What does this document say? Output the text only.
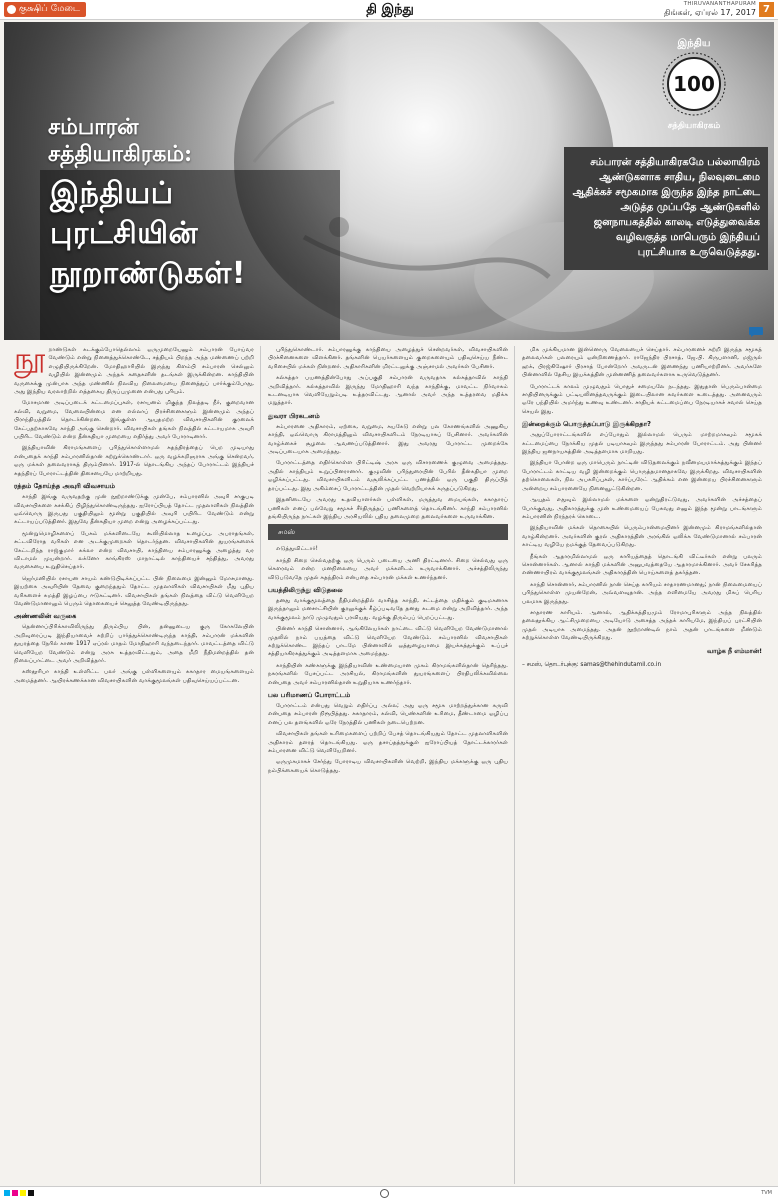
குக்ஷிப் மேடை	தி இந்து	THIRUVANANTHAPURAM
திங்கள், ஏப்ரல் 17, 2017 7
சம்பாரன்
சத்தியாகிரகம்:
இந்தியப்
புரட்சியின்
நூறாண்டுகள்!
இந்திய
100
சத்தியாகிரகம்

சம்பாரன் சத்தியாகிரகமே பல்லாயிரம் ஆண்டுகளாக சாதிய, நிலவுடைமை ஆதிக்கச் சமூகமாக இருந்த இந்த நாட்டை அடுத்த முப்பதே ஆண்டுகளில் ஜனநாயகத்தில் காலடி எடுத்துவைக்க வழிவகுத்த மாபெரும் இந்தியப் புரட்சியாக உருவெடுத்தது.

நூ றாண்டுகள் கடக்கும்போதெல்லாம் ஒருமுறையேனும் சம்பாரன் போய்வர வேண்டும் என்று நினைத்துக்கொண்டே, சத்தியம் பிறந்த அந்த மண்ணைப் பற்றி எழுதியிருக்கிறேன். மோதிஹாரியில் இருந்து கிளம்பி சம்பாரன் செல்லும் வழியில் இன்னமும் அந்தக் கதைகளின் தடங்கள் இருக்கின்றன. காந்தியின் வருகைக்கு முன்பாக அந்த மண்ணில் நிலவிய நிலைமையை நினைத்துப் பார்க்கும்போது, அது இந்திய வரலாற்றில் எத்தகைய திருப்புமுனை என்பது புரியும்.
மோசமான அடிப்படைக் கட்டமைப்புகள், ரசாயனம் மிகுந்த நிலத்தடி நீர், குறைவான கல்வி, வறுமை, வேலையின்மை என எல்லாப் பிரச்சினைகளும் இன்னமும் அந்தப் பிராந்தியத்தில் தொடர்கின்றன. இங்குள்ள ஆயுதமற்ற விவசாயிகளின் குரலைக் கேட்பதற்காகவே காந்தி அங்கு சென்றார். விவசாயிகள் தங்கள் நிலத்தில் கட்டாயமாக அவுரி பயிரிட வேண்டும் என்ற தீன்கதியா முறையை எதிர்த்து அவர் போராடினார்.
இந்தியாவின் கிராமங்களைப் புரிந்துகொள்ளாமல் சுதந்திரத்தைப் பெற முடியாது என்பதைக் காந்தி சம்பாரனில்தான் கற்றுக்கொண்டார். ஒரு வழக்கறிஞராக அங்கு சென்றவர், ஒரு மக்கள் தலைவராகத் திரும்பினார். 1917-ல் தொடங்கிய அந்தப் போராட்டம் இந்தியச் சுதந்திரப் போராட்டத்தின் திசையையே மாற்றியது.
ரத்தம் தோய்ந்த அவுரி விவசாயம்
காந்தி இங்கு வருவதற்கு முன் நூற்றாண்டுக்கு முன்பே, சம்பாரனில் அவுரி சாகுபடி விவசாயிகளை கசக்கிப் பிழிந்துகொண்டிருந்தது. ஐரோப்பியத் தோட்ட முதலாளிகள் நிலத்தின் ஒவ்வொரு இருபது பகுதியிலும் மூன்று பகுதியில் அவுரி பயிரிட வேண்டும் என்று கட்டாயப்படுத்தினர். இதுவே தீன்கதியா முறை என்று அழைக்கப்பட்டது.
மூன்றுமொழிகளைப் பேசும் மக்களிடையே கூலியில்லாத உழைப்பு, அபராதங்கள், சட்டவிரோத வரிகள் என அடக்குமுறைகள் தொடர்ந்தன. விவசாயிகளின் துயரங்களைக் கேட்டறிந்த ராஜ்குமார் சுக்லா என்ற விவசாயி, காந்தியை சம்பாரனுக்கு அழைத்து வர விடாமல் முயன்றார். லக்னோ காங்கிரஸ் மாநாட்டில் காந்தியைச் சந்தித்து, அவரது வருகையை உறுதிசெய்தார்.
ஜெர்மனியில் ரசாயன சாயம் கண்டுபிடிக்கப்பட்ட பின் நிலைமை இன்னும் மோசமானது. இயற்கை அவுரியின் தேவை குறைந்ததும் தோட்ட முதலாளிகள் விவசாயிகள் மீது புதிய வரிகளைச் சுமத்தி இழப்பை ஈடுகட்டினர். விவசாயிகள் தங்கள் நிலத்தை விட்டு வெளியேற வேண்டுமானாலும் பெரும் தொகையைச் செலுத்த வேண்டியிருந்தது.
அண்ணலின் வருகை
தென்னாப்பிரிக்காவிலிருந்து திரும்பிய பின், தன்னுடைய குரு கோகலேயின் அறிவுரைப்படி இந்தியாவைச் சுற்றிப் பார்த்துக்கொண்டிருந்த காந்தி, சம்பாரன் மக்களின் துயரத்தை நேரில் காண 1917 ஏப்ரல் மாதம் மோதிஹாரி வந்தடைந்தார். மாவட்டத்தை விட்டு வெளியேற வேண்டும் என்று அரசு உத்தரவிட்டதும், அதை மீறி நீதிமன்றத்தில் தன் நிலைப்பாட்டை அவர் அறிவித்தார்.
கஸ்தூரிபா காந்தி உள்ளிட்ட பலர் அங்கு பள்ளிகளையும் சுகாதார மையங்களையும் அமைத்தனர். ஆயிரக்கணக்கான விவசாயிகளின் வாக்குமூலங்கள் பதிவுசெய்யப்பட்டன.
புரிந்துகொண்டார். சம்பாரனுக்கு காந்தியை அழைத்துச் சென்றவர்கள், விவசாயிகளின் பிரச்சினைகளை விளக்கினர். தங்களின் பெயர்களையும் குறைகளையும் பதிவுசெய்ய நீண்ட வரிசையில் மக்கள் நின்றனர். அதிகாரிகளின் மிரட்டலுக்கு அஞ்சாமல் அவர்கள் பேசினர்.
கல்கத்தா பயணத்தின்போது அப்பகுதி சம்பாரன் வருவதாக கல்கத்தாவில் காந்தி அறிவித்தார். கல்கத்தாவில் இருந்து மோதிஹாரி வந்த காந்திக்கு, மாவட்ட நிர்வாகம் உடனடியாக வெளியேறும்படி உத்தரவிட்டது. ஆனால் அவர் அந்த உத்தரவை மதிக்க மறுத்தார்.
துவரா பிரகடனம்
சம்பாரனை அதிகாரம், ஏற்கை, வறுமை, சுயகேடு என்று பல கோணங்களில் அணுகிய காந்தி, ஒவ்வொரு கிராமத்திலும் விவசாயிகளிடம் நேரடியாகப் பேசினார். அவர்களின் வாழ்க்கைச் சூழலை ஆவணப்படுத்தினார். இது அவரது போராட்ட முறைக்கே அடிப்படையாக அமைந்தது.
போராட்டத்தை எதிர்கொள்ள பிரிட்டிஷ் அரசு ஒரு விசாரணைக் குழுவை அமைத்தது. அதில் காந்தியும் உறுப்பினரானார். குழுவின் பரிந்துரையின் பேரில் தீன்கதியா முறை ஒழிக்கப்பட்டது. விவசாயிகளிடம் வசூலிக்கப்பட்ட பணத்தில் ஒரு பகுதி திருப்பித் தரப்பட்டது. இது அகிம்சைப் போராட்டத்தின் முதல் வெற்றியாகக் கருதப்படுகிறது.
இதனிடையே அவரது உதவியாளர்கள் பள்ளிகள், மருத்துவ மையங்கள், சுகாதாரப் பணிகள் எனப் பல்வேறு சமூகச் சீர்திருத்தப் பணிகளைத் தொடங்கினர். காந்தி சம்பாரனில் தங்கியிருந்த நாட்கள் இந்திய அரசியலில் புதிய தலைமுறை தலைவர்களை உருவாக்கின.
சமஸ்
எடுத்துவிட்டார்!
காந்தி சிறை செல்வதற்கு ஒரு பெரும் படையை அணி திரட்டினார். சிறை செல்வது ஒரு கௌரவம் என்ற மனநிலையை அவர் மக்களிடம் உருவாக்கினார். அச்சத்திலிருந்து விடுபடுவதே முதல் சுதந்திரம் என்பதை சம்பாரன் மக்கள் உணர்ந்தனர்.
பயத்திலிருந்து விடுதலை
தனது வாக்குமூலத்தை நீதிமன்றத்தில் வாசித்த காந்தி, சட்டத்தை மதிக்கும் குடிமகனாக இருந்தாலும் மனசாட்சியின் குரலுக்குக் கீழ்ப்படிவதே தனது கடமை என்று அறிவித்தார். அந்த வாக்குமூலம் நாடு முழுவதும் பரவியது. வழக்கு திரும்பப் பெறப்பட்டது.
பின்னர் காந்தி சொன்னார், ஆங்கிலேயர்கள் நாட்டை விட்டு வெளியேற வேண்டுமானால் முதலில் நாம் பயத்தை விட்டு வெளியேற வேண்டும். சம்பாரனில் விவசாயிகள் கற்றுக்கொண்ட இந்தப் பாடமே பின்னாளில் ஒத்துழையாமை இயக்கத்துக்கும் உப்புச் சத்தியாகிரகத்துக்கும் அடித்தளமாக அமைந்தது.
காந்தியின் கண்களுக்கு இந்தியாவின் உண்மையான முகம் கிராமங்களில்தான் தெரிந்தது. நகரங்களில் பேசப்பட்ட அரசியல், கிராமங்களின் துயரங்களைப் பிரதிபலிக்கவில்லை என்பதை அவர் சம்பாரனில்தான் உறுதியாக உணர்ந்தார்.
பல பரிமாணப் போராட்டம்
போராட்டம் என்பது வெறும் எதிர்ப்பு அல்ல; அது ஒரு சமூக மாற்றத்துக்கான கருவி என்பதை சம்பாரன் நிரூபித்தது. சுகாதாரம், கல்வி, பெண்களின் உரிமை, தீண்டாமை ஒழிப்பு எனப் பல தளங்களில் ஒரே நேரத்தில் பணிகள் நடைபெற்றன.
விவசாயிகள் தங்கள் உரிமைகளைப் பற்றிப் பேசத் தொடங்கியதும் தோட்ட முதலாளிகளின் அதிகாரம் தளரத் தொடங்கியது. ஒரு தசாப்தத்துக்குள் ஐரோப்பியத் தோட்டக்காரர்கள் சம்பாரனை விட்டு வெளியேறினர்.
ஒருமுகமாகச் சேர்ந்து போராடிய விவசாயிகளின் வெற்றி, இந்திய மக்களுக்கு ஒரு புதிய நம்பிக்கையைக் கொடுத்தது.
மிக முக்கியமான இன்னொரு வேலையைச் செய்தார். சம்பாரனைச் சுற்றி இருந்த சமூகத் தலைவர்கள் பலரையும் ஒன்றிணைத்தார். ராஜேந்திர பிரசாத், ஜே.பி. கிருபளானி, மஜ்ருல் ஹக், பிரஜ்கிஷோர் பிரசாத் போன்றோர் அவருடன் இணைந்து பணியாற்றினர். அவர்களே பின்னாளில் தேசிய இயக்கத்தின் முன்னணித் தலைவர்களாக உருவெடுத்தனர்.
போராட்டக் காலம் முழுவதும் பொதுச் சமையலே நடந்தது. இதுதான் பெரும்பான்மை சாதியினருக்கும் பட்டியலினத்தவருக்கும் இடையிலான சுவர்களை உடைத்தது. அனைவரும் ஒரே பந்தியில் அமர்ந்து உணவு உண்டனர். சாதியக் கட்டமைப்பை நேரடியாகச் சவால் செய்த செயல் இது.
இன்றைக்கும் பொருத்தப்பாடு இருக்கிறதா?
அதுப்போராட்டங்களில் எப்போதும் இல்லாமல் பெரும் மாற்றமாகவும் சமூகக் கட்டமைப்பை நோக்கிய முதல் படியாகவும் இருந்தது சம்பாரன் போராட்டம். அது பின்னர் இந்திய ஜனநாயகத்தின் அடித்தளமாக மாறியது.
இந்தியா போன்ற ஒரு மாபெரும் நாட்டின் விடுதலைக்கும் நவீனமயமாக்கத்துக்கும் இந்தப் போராட்டம் காட்டிய வழி இன்றைக்கும் பொருத்தமானதாகவே இருக்கிறது. விவசாயிகளின் தற்கொலைகள், நில அபகரிப்புகள், கார்ப்பரேட் ஆதிக்கம் என இன்றைய பிரச்சினைகளும் அன்றைய சம்பாரனையே நினைவூட்டுகின்றன.
ஆயுதம் எதுவும் இல்லாமல் மக்களை ஒன்றுதிரட்டுவது, அவர்களின் அச்சத்தைப் போக்குவது, அதிகாரத்துக்கு முன் உண்மையைப் பேசுவது எனும் இந்த மூன்று பாடங்களும் சம்பாரனின் நிரந்தரக் கொடை.
இந்தியாவின் மக்கள் தொகையில் பெரும்பான்மையினர் இன்னமும் கிராமங்களில்தான் வாழ்கின்றனர். அவர்களின் குரல் அதிகாரத்தின் அரங்கில் ஒலிக்க வேண்டுமானால் சம்பாரன் காட்டிய வழியே நமக்குத் தேவைப்படுகிறது.
நீங்கள் ஆதாரமில்லாமல் ஒரு காரியத்தைத் தொடங்கி விட்டீர்கள் என்று பலரும் சொன்னார்கள். ஆனால் காந்தி மக்களின் அனுபவத்தையே ஆதாரமாக்கினார். அவர் சேகரித்த எண்ணாயிரம் வாக்குமூலங்கள் அதிகாரத்தின் பொய்களைத் தகர்த்தன.
காந்தி சொன்னார், சம்பாரனில் நான் செய்த காரியம் சாதாரணமானது; நான் நிலைமையைப் புரிந்துகொள்ள முயன்றேன், அவ்வளவுதான். அந்த எளிமையே அவரது மிகப் பெரிய பலமாக இருந்தது.
சாதாரண காரியம். ஆனால், ஆதிக்கத்தியமும் ரோமாபுரிகளும் அந்த நிலத்தில் தலைதூக்கிய ஆட்சிமுறையை அடியோடு அசைத்த அந்தக் காரியமே, இந்தியப் புரட்சியின் முதல் அடியாக அமைந்தது. அதன் நூற்றாண்டில் நாம் அதன் பாடங்களை மீண்டும் கற்றுக்கொள்ள வேண்டியிருக்கிறது.
வாழ்க நீ எம்மான்!
– சமஸ், தொடர்புக்கு: samas@thehindutamil.co.in
TVM
